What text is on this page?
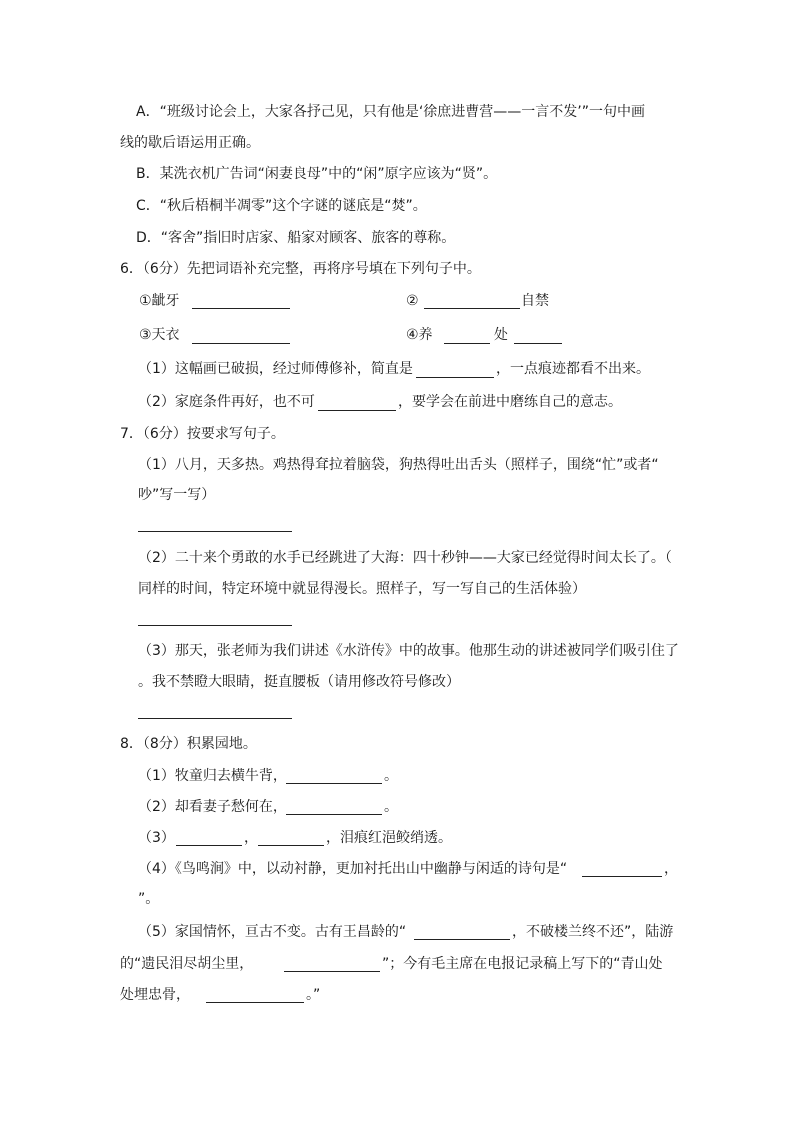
A．“班级讨论会上，大家各抒己见，只有他是‘徐庶进曹营——一言不发’”一句中画
线的歇后语运用正确。
B．某洗衣机广告词“闲妻良母”中的“闲”原字应该为“贤”。
C．“秋后梧桐半凋零”这个字谜的谜底是“焚”。
D．“客舍”指旧时店家、船家对顾客、旅客的尊称。
6．（6分）先把词语补充完整，再将序号填在下列句子中。
①龇牙	②	自禁
③天衣	④养	处
（1）这幅画已破损，经过师傅修补，简直是	，一点痕迹都看不出来。
（2）家庭条件再好，也不可	，要学会在前进中磨练自己的意志。
7．（6分）按要求写句子。
（1）八月，天多热。鸡热得耷拉着脑袋，狗热得吐出舌头（照样子，围绕“忙”或者“
吵”写一写）
（2）二十来个勇敢的水手已经跳进了大海：四十秒钟——大家已经觉得时间太长了。（
同样的时间，特定环境中就显得漫长。照样子，写一写自己的生活体验）
（3）那天，张老师为我们讲述《水浒传》中的故事。他那生动的讲述被同学们吸引住了
。我不禁瞪大眼睛，挺直腰板（请用修改符号修改）
8．（8分）积累园地。
（1）牧童归去横牛背，	。
（2）却看妻子愁何在，	。
（3）	，	，泪痕红浥鲛绡透。
（4）《鸟鸣涧》中，以动衬静，更加衬托出山中幽静与闲适的诗句是“	，
”。
（5）家国情怀，亘古不变。古有王昌龄的“	，不破楼兰终不还”，陆游
的“遗民泪尽胡尘里，	”；今有毛主席在电报记录稿上写下的“青山处
处埋忠骨，	。”
